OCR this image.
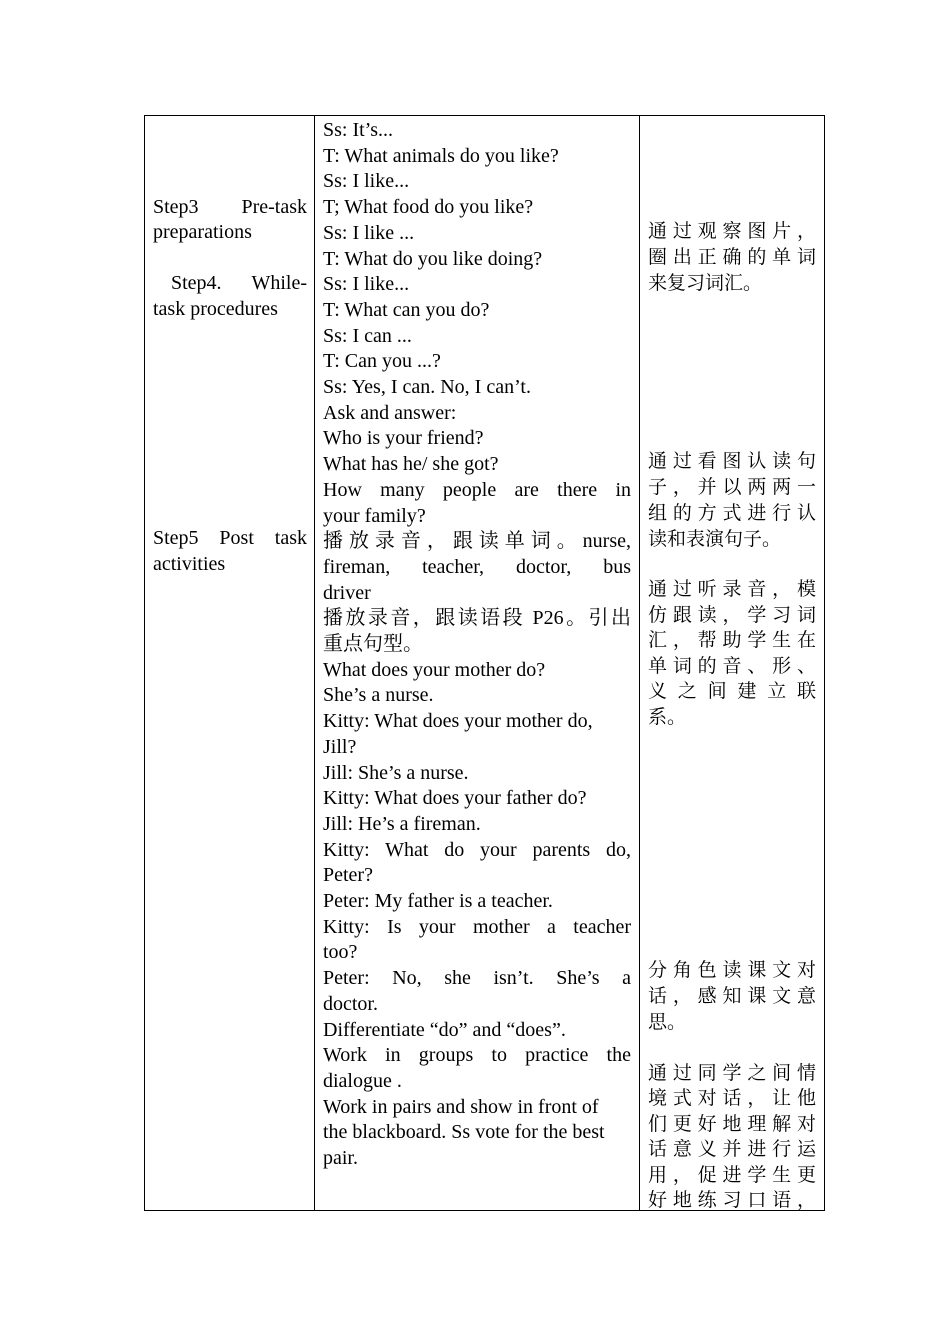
Step3 Pre-task
preparations
Step4. While-
task procedures
Step5 Post task
activities
Ss: It’s...
T: What animals do you like?
Ss: I like...
T; What food do you like?
Ss: I like ...
T: What do you like doing?
Ss: I like...
T: What can you do?
Ss: I can ...
T: Can you ...?
Ss: Yes, I can. No, I can’t.
Ask and answer:
Who is your friend?
What has he/ she got?
How many people are there in
your family?
播放录音，跟读单词。nurse,
fireman, teacher, doctor, bus
driver
播放录音，跟读语段 P26。引出
重点句型。
What does your mother do?
She’s a nurse.
Kitty: What does your mother do,
Jill?
Jill: She’s a nurse.
Kitty: What does your father do?
Jill: He’s a fireman.
Kitty: What do your parents do,
Peter?
Peter: My father is a teacher.
Kitty: Is your mother a teacher
too?
Peter: No, she isn’t. She’s a
doctor.
Differentiate “do” and “does”.
Work in groups to practice the
dialogue .
Work in pairs and show in front of
the blackboard. Ss vote for the best
pair.
通过观察图片，
圈出正确的单词
来复习词汇。
通过看图认读句
子，并以两两一
组的方式进行认
读和表演句子。
通过听录音，模
仿跟读，学习词
汇，帮助学生在
单词的音、形、
义之间建立联
系。
分角色读课文对
话，感知课文意
思。
通过同学之间情
境式对话，让他
们更好地理解对
话意义并进行运
用，促进学生更
好地练习口语，
